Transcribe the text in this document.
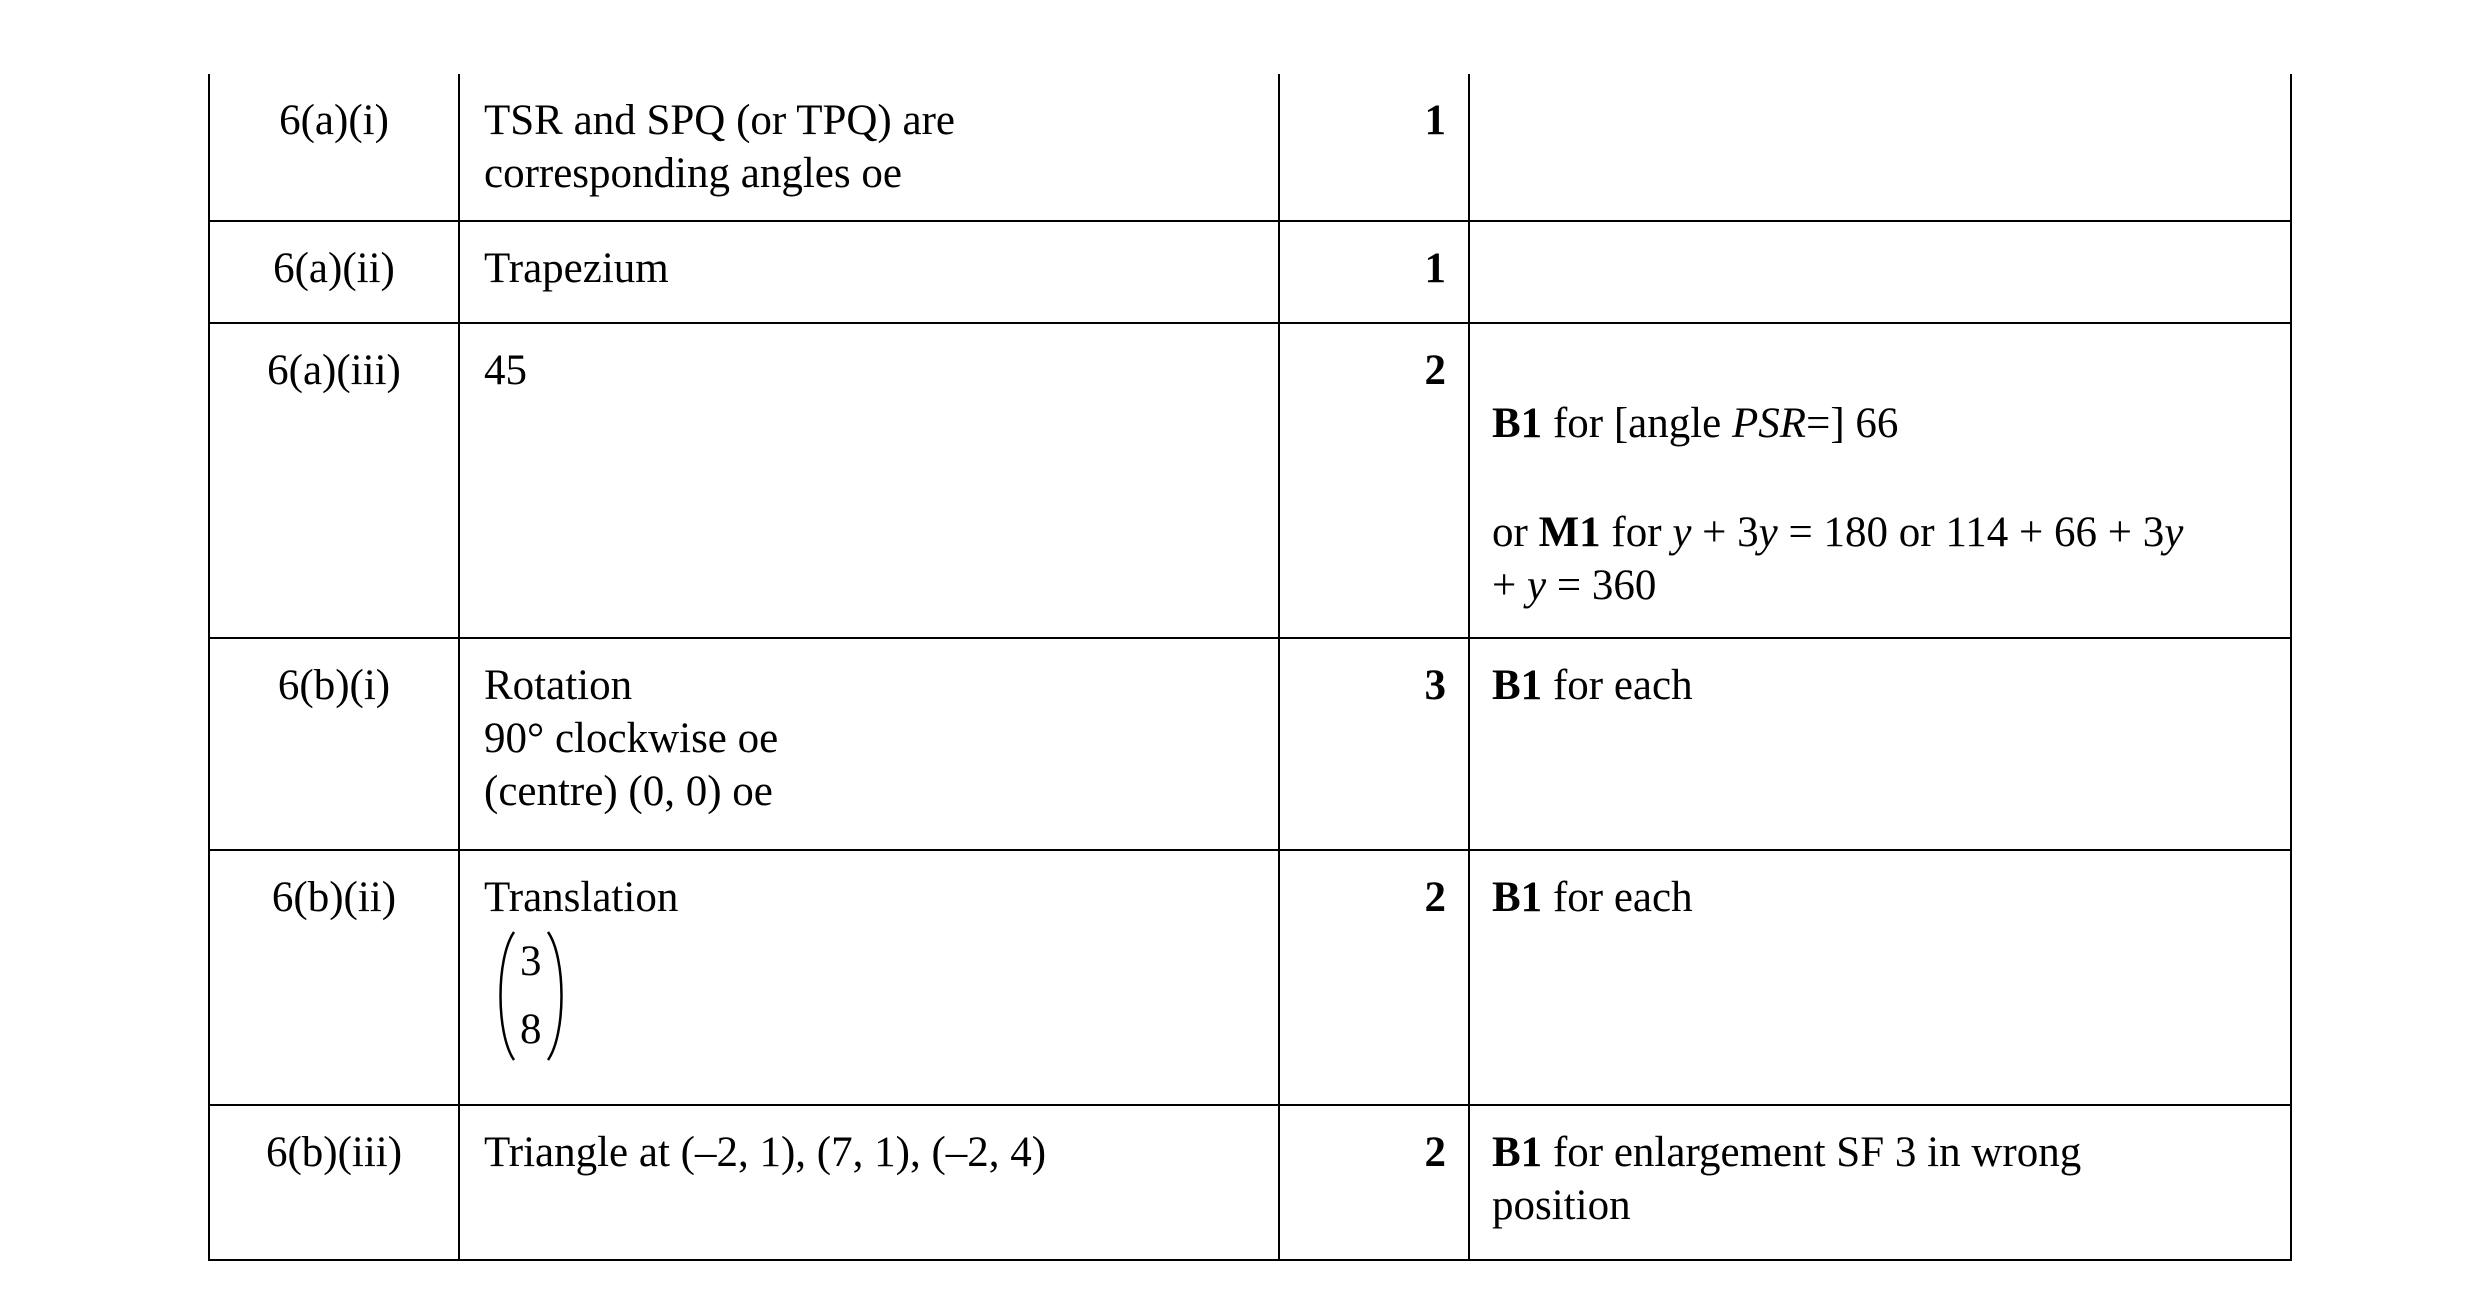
6(a)(i)	TSR and SPQ (or TPQ) are
corresponding angles oe	1	
6(a)(ii)	Trapezium	1	
6(a)(iii)	45	2	B1 for [angle PSR=] 66
or M1 for y + 3y = 180 or 114 + 66 + 3y
+ y = 360

6(b)(i)	Rotation
90° clockwise oe
(centre) (0, 0) oe	3	B1 for each

6(b)(ii)	Translation
3
8	2	B1 for each

6(b)(iii)	Triangle at (–2, 1), (7, 1), (–2, 4)	2	B1 for enlargement SF 3 in wrong
position
